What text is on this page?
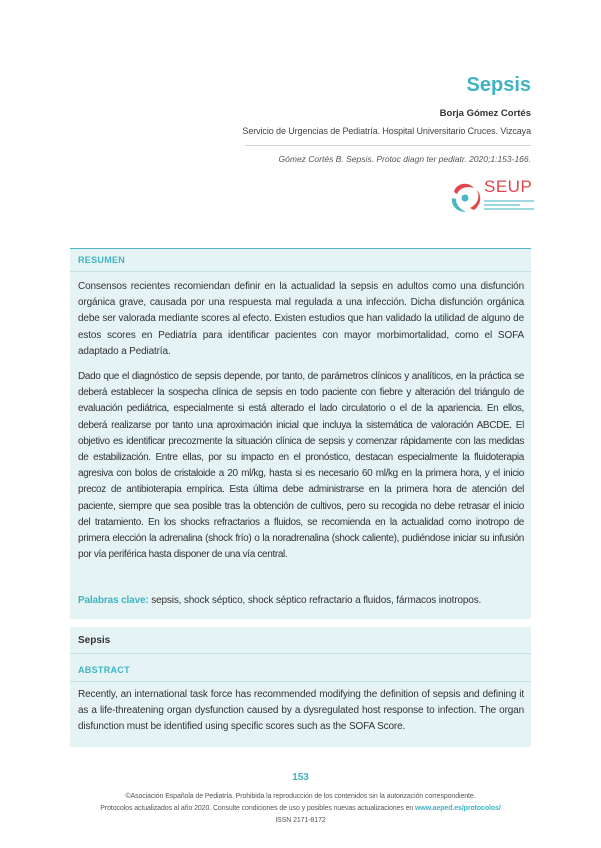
Sepsis
Borja Gómez Cortés
Servicio de Urgencias de Pediatría. Hospital Universitario Cruces. Vizcaya
Gómez Cortés B. Sepsis. Protoc diagn ter pediatr. 2020;1:153-166.
SEUP
RESUMEN

Consensos recientes recomiendan definir en la actualidad la sepsis en adultos como una disfunción orgánica grave, causada por una respuesta mal regulada a una infección. Dicha disfunción orgánica debe ser valorada mediante scores al efecto. Existen estudios que han validado la utilidad de alguno de estos scores en Pediatría para identificar pacientes con mayor morbimortalidad, como el SOFA adaptado a Pediatría.

Dado que el diagnóstico de sepsis depende, por tanto, de parámetros clínicos y analíticos, en la práctica se deberá establecer la sospecha clínica de sepsis en todo paciente con fiebre y alteración del triángulo de evaluación pediátrica, especialmente si está alterado el lado circulatorio o el de la apariencia. En ellos, deberá realizarse por tanto una aproximación inicial que incluya la sistemática de valoración ABCDE. El objetivo es identificar precozmente la situación clínica de sepsis y comenzar rápidamente con las medidas de estabilización. Entre ellas, por su impacto en el pronóstico, destacan especialmente la fluidoterapia agresiva con bolos de cristaloide a 20 ml/kg, hasta si es necesario 60 ml/kg en la primera hora, y el inicio precoz de antibioterapia empírica. Esta última debe administrarse en la primera hora de atención del paciente, siempre que sea posible tras la obtención de cultivos, pero su recogida no debe retrasar el inicio del tratamiento. En los shocks refractarios a fluidos, se recomienda en la actualidad como inotropo de primera elección la adrenalina (shock frío) o la noradrenalina (shock caliente), pudiéndose iniciar su infusión por vía periférica hasta disponer de una vía central.

Palabras clave: sepsis, shock séptico, shock séptico refractario a fluidos, fármacos inotropos.

Sepsis
ABSTRACT

Recently, an international task force has recommended modifying the definition of sepsis and defining it as a life-threatening organ dysfunction caused by a dysregulated host response to infection. The organ disfunction must be identified using specific scores such as the SOFA Score.

153
©Asociación Española de Pediatría. Prohibida la reproducción de los contenidos sin la autorización correspondiente.
Protocolos actualizados al año 2020. Consulte condiciones de uso y posibles nuevas actualizaciones en www.aeped.es/protocolos/
ISSN 2171-8172
